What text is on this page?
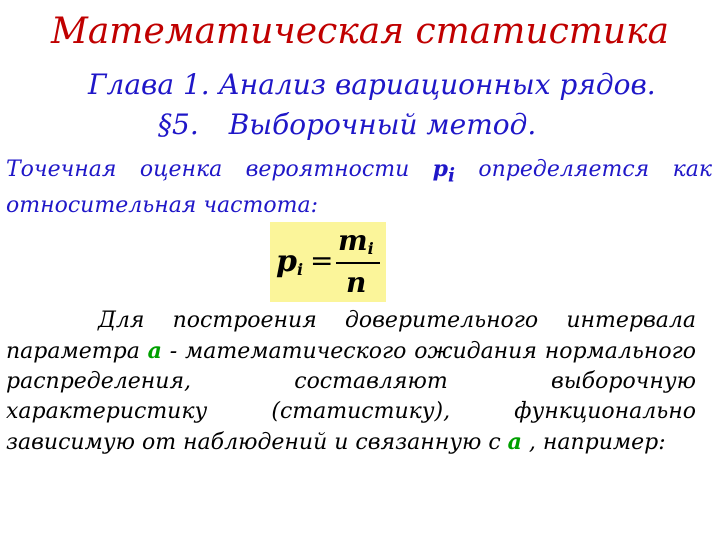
Математическая статистика
Глава 1. Анализ вариационных рядов.
§5. Выборочный метод.
Точечная оценка вероятности $p_i$ определяется как относительная частота:
$p_i$ =
$m_i$
n
Для построения доверительного интервала параметра a - математического ожидания нормального распределения, составляют выборочную характеристику (статистику), функционально зависимую от наблюдений и связанную с a , например:
